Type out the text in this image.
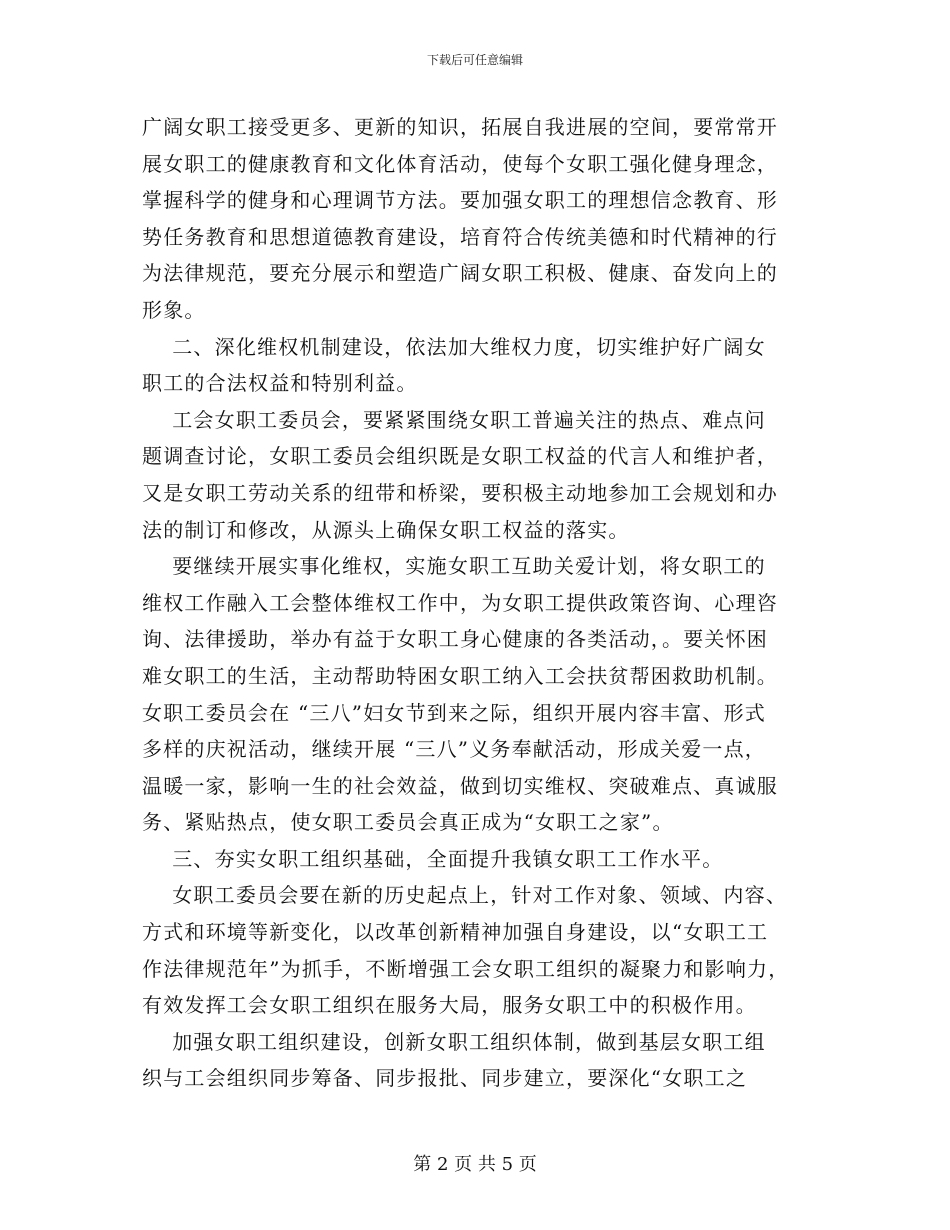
下载后可任意编辑

广阔女职工接受更多、更新的知识，拓展自我进展的空间，要常常开

展女职工的健康教育和文化体育活动，使每个女职工强化健身理念，

掌握科学的健身和心理调节方法。要加强女职工的理想信念教育、形

势任务教育和思想道德教育建设，培育符合传统美德和时代精神的行

为法律规范，要充分展示和塑造广阔女职工积极、健康、奋发向上的

形象。

二、深化维权机制建设，依法加大维权力度，切实维护好广阔女

职工的合法权益和特别利益。

工会女职工委员会，要紧紧围绕女职工普遍关注的热点、难点问

题调查讨论，女职工委员会组织既是女职工权益的代言人和维护者，

又是女职工劳动关系的纽带和桥梁，要积极主动地参加工会规划和办

法的制订和修改，从源头上确保女职工权益的落实。

要继续开展实事化维权，实施女职工互助关爱计划，将女职工的

维权工作融入工会整体维权工作中，为女职工提供政策咨询、心理咨

询、法律援助，举办有益于女职工身心健康的各类活动，。要关怀困

难女职工的生活，主动帮助特困女职工纳入工会扶贫帮困救助机制。

女职工委员会在 “三八”妇女节到来之际，组织开展内容丰富、形式

多样的庆祝活动，继续开展 “三八”义务奉献活动，形成关爱一点，

温暖一家，影响一生的社会效益，做到切实维权、突破难点、真诚服

务、紧贴热点，使女职工委员会真正成为“女职工之家”。

三、夯实女职工组织基础，全面提升我镇女职工工作水平。

女职工委员会要在新的历史起点上，针对工作对象、领域、内容、

方式和环境等新变化，以改革创新精神加强自身建设，以“女职工工

作法律规范年”为抓手，不断增强工会女职工组织的凝聚力和影响力，

有效发挥工会女职工组织在服务大局，服务女职工中的积极作用。

加强女职工组织建设，创新女职工组织体制，做到基层女职工组

织与工会组织同步筹备、同步报批、同步建立，要深化“女职工之

第 2 页 共 5 页
